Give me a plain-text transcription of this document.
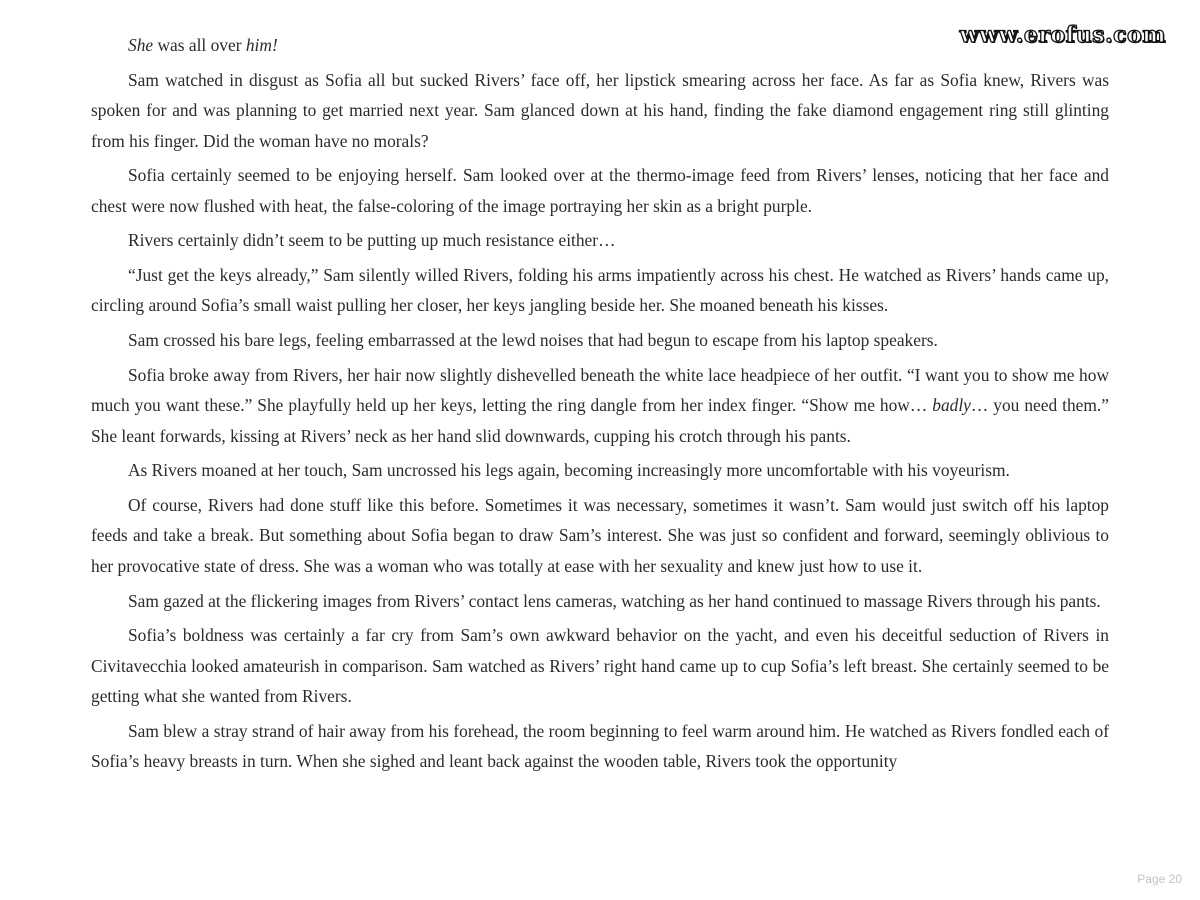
www.erofus.com

She was all over him!

Sam watched in disgust as Sofia all but sucked Rivers’ face off, her lipstick smearing across her face. As far as Sofia knew, Rivers was spoken for and was planning to get married next year. Sam glanced down at his hand, finding the fake diamond engagement ring still glinting from his finger. Did the woman have no morals?

Sofia certainly seemed to be enjoying herself. Sam looked over at the thermo-image feed from Rivers’ lenses, noticing that her face and chest were now flushed with heat, the false-coloring of the image portraying her skin as a bright purple.

Rivers certainly didn’t seem to be putting up much resistance either…

“Just get the keys already,” Sam silently willed Rivers, folding his arms impatiently across his chest. He watched as Rivers’ hands came up, circling around Sofia’s small waist pulling her closer, her keys jangling beside her. She moaned beneath his kisses.

Sam crossed his bare legs, feeling embarrassed at the lewd noises that had begun to escape from his laptop speakers.

Sofia broke away from Rivers, her hair now slightly dishevelled beneath the white lace headpiece of her outfit. “I want you to show me how much you want these.” She playfully held up her keys, letting the ring dangle from her index finger. “Show me how… badly… you need them.” She leant forwards, kissing at Rivers’ neck as her hand slid downwards, cupping his crotch through his pants.

As Rivers moaned at her touch, Sam uncrossed his legs again, becoming increasingly more uncomfortable with his voyeurism.

Of course, Rivers had done stuff like this before. Sometimes it was necessary, sometimes it wasn’t. Sam would just switch off his laptop feeds and take a break. But something about Sofia began to draw Sam’s interest. She was just so confident and forward, seemingly oblivious to her provocative state of dress. She was a woman who was totally at ease with her sexuality and knew just how to use it.

Sam gazed at the flickering images from Rivers’ contact lens cameras, watching as her hand continued to massage Rivers through his pants.

Sofia’s boldness was certainly a far cry from Sam’s own awkward behavior on the yacht, and even his deceitful seduction of Rivers in Civitavecchia looked amateurish in comparison. Sam watched as Rivers’ right hand came up to cup Sofia’s left breast. She certainly seemed to be getting what she wanted from Rivers.

Sam blew a stray strand of hair away from his forehead, the room beginning to feel warm around him. He watched as Rivers fondled each of Sofia’s heavy breasts in turn. When she sighed and leant back against the wooden table, Rivers took the opportunity

Page 20
